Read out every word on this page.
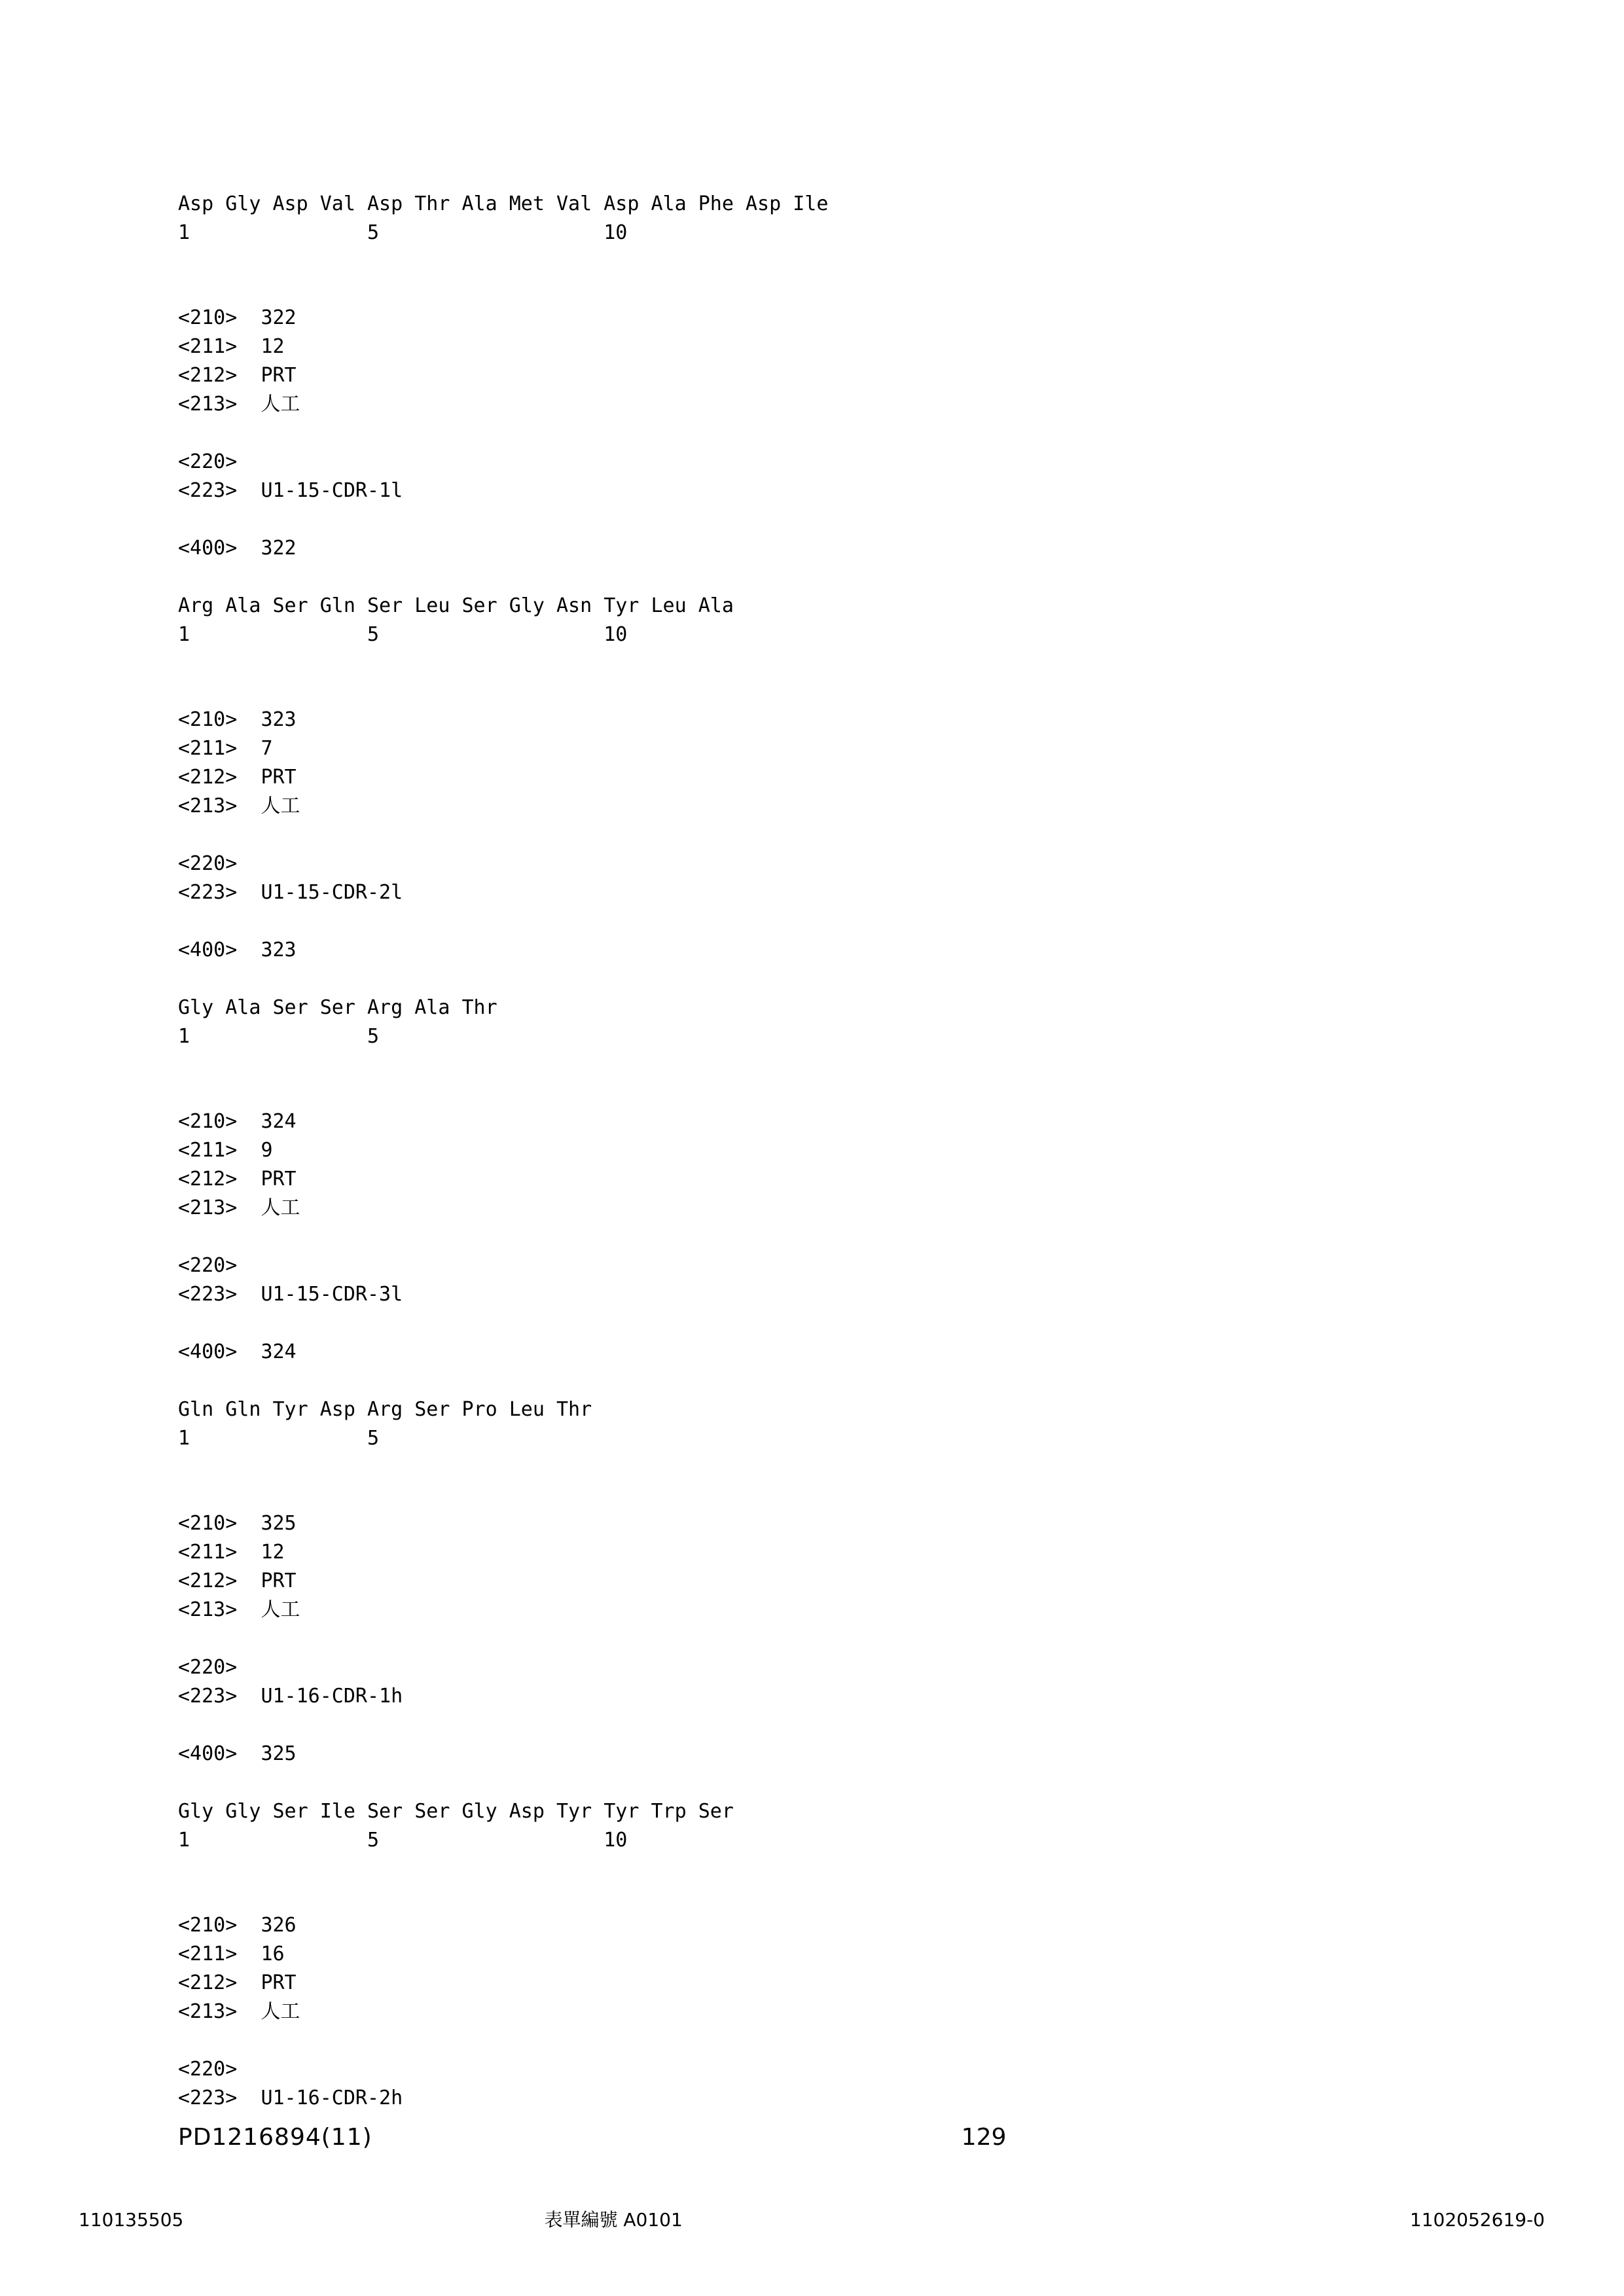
Asp Gly Asp Val Asp Thr Ala Met Val Asp Ala Phe Asp Ile
1               5                   10
<210> 322
<211> 12
<212> PRT
<213> 人工
<220>
<223> U1-15-CDR-1l
<400> 322
Arg Ala Ser Gln Ser Leu Ser Gly Asn Tyr Leu Ala
1               5                   10
<210> 323
<211> 7
<212> PRT
<213> 人工
<220>
<223> U1-15-CDR-2l
<400> 323
Gly Ala Ser Ser Arg Ala Thr
1               5
<210> 324
<211> 9
<212> PRT
<213> 人工
<220>
<223> U1-15-CDR-3l
<400> 324
Gln Gln Tyr Asp Arg Ser Pro Leu Thr
1               5
<210> 325
<211> 12
<212> PRT
<213> 人工
<220>
<223> U1-16-CDR-1h
<400> 325
Gly Gly Ser Ile Ser Ser Gly Asp Tyr Tyr Trp Ser
1               5                   10
<210> 326
<211> 16
<212> PRT
<213> 人工
<220>
<223> U1-16-CDR-2h
PD1216894(11)	129
110135505	表單編號 A0101	1102052619-0
